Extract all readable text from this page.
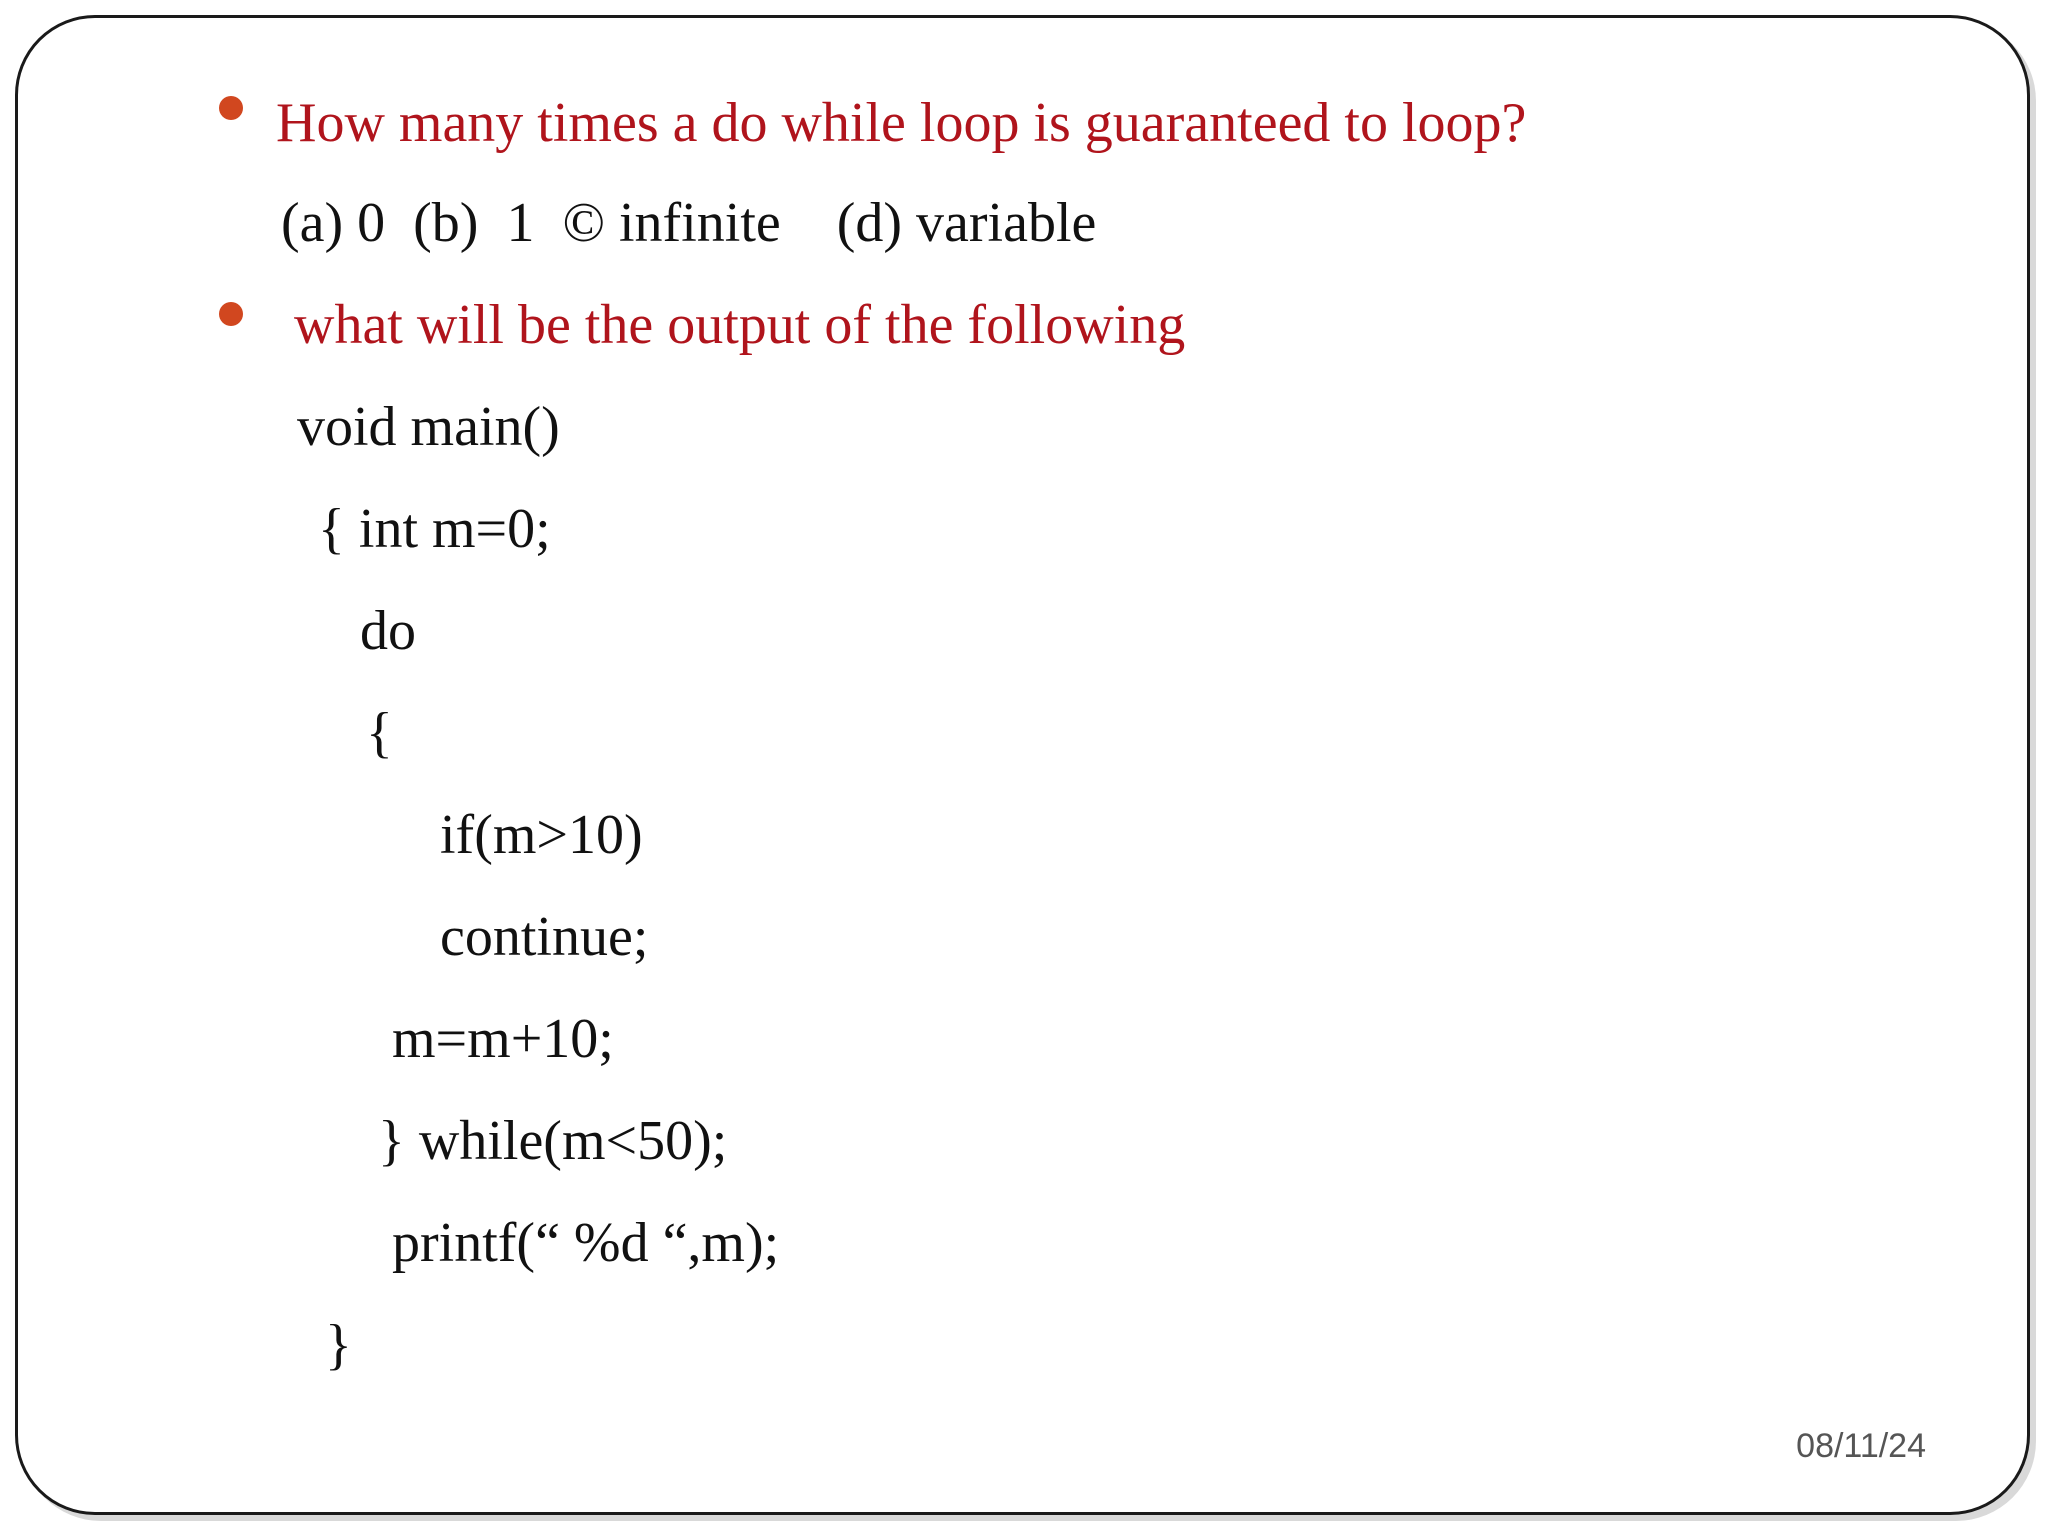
How many times a do while loop is guaranteed to loop?
(a) 0  (b)  1  © infinite    (d) variable
what will be the output of the following
void main()
{ int m=0;
do
{
if(m>10)
continue;
m=m+10;
} while(m<50);
printf(“ %d “,m);
}
08/11/24
